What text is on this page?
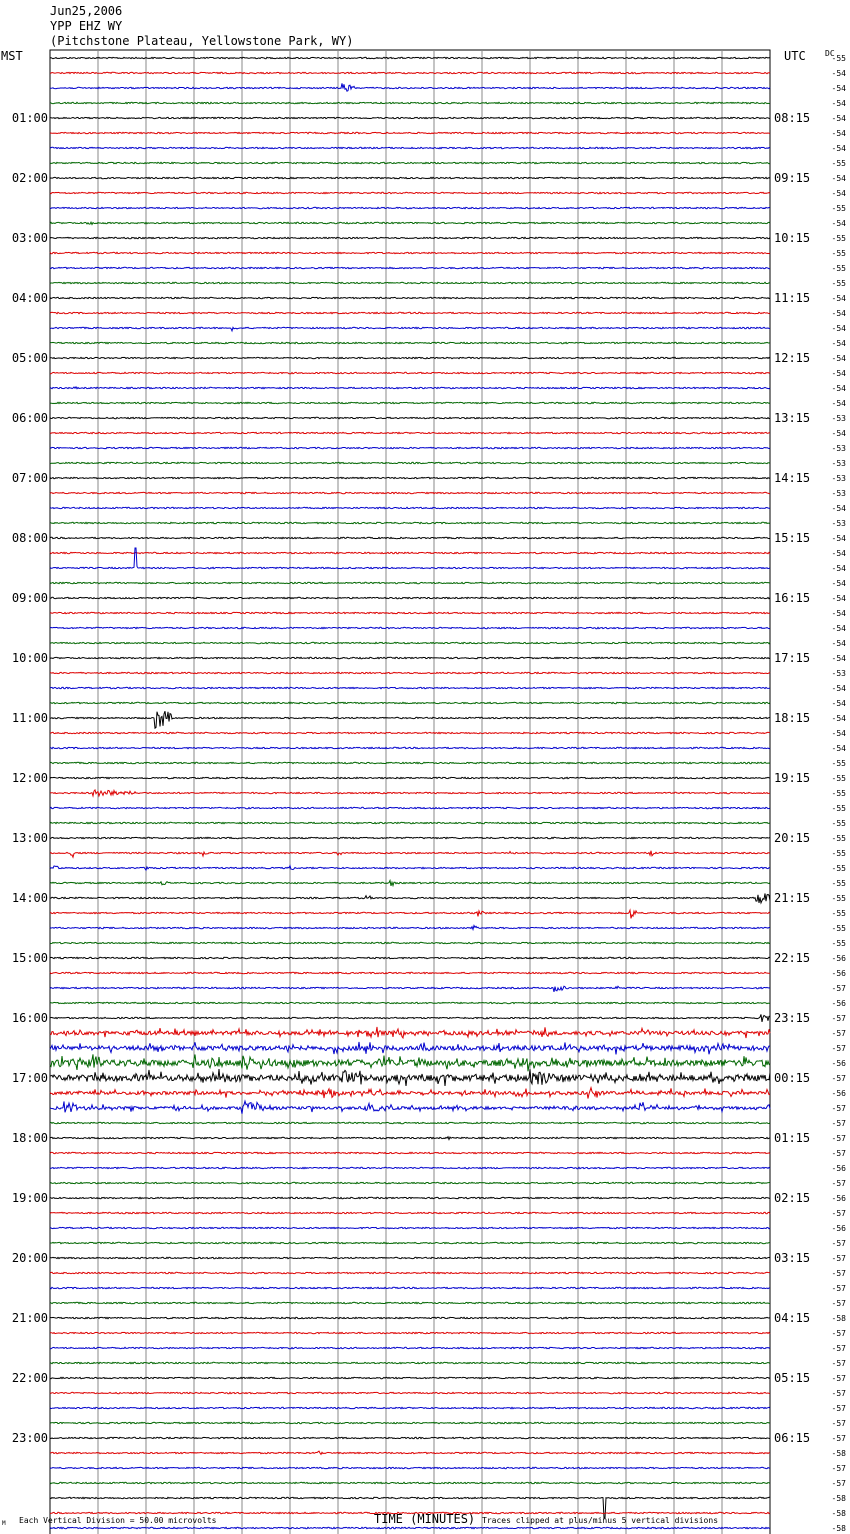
Jun25,2006
YPP EHZ WY
(Pitchstone Plateau, Yellowstone Park, WY)
01:00
02:00
03:00
04:00
05:00
06:00
07:00
08:00
09:00
10:00
11:00
12:00
13:00
14:00
15:00
16:00
17:00
18:00
19:00
20:00
21:00
22:00
23:00
08:15
09:15
10:15
11:15
12:15
13:15
14:15
15:15
16:15
17:15
18:15
19:15
20:15
21:15
22:15
23:15
00:15
01:15
02:15
03:15
04:15
05:15
06:15
-55
-54
-54
-54
-54
-54
-54
-55
-54
-54
-55
-54
-55
-55
-55
-55
-54
-54
-54
-54
-54
-54
-54
-54
-53
-54
-53
-53
-53
-53
-54
-53
-54
-54
-54
-54
-54
-54
-54
-54
-54
-53
-54
-54
-54
-54
-54
-55
-55
-55
-55
-55
-55
-55
-55
-55
-55
-55
-55
-55
-56
-56
-57
-56
-57
-57
-57
-56
-57
-56
-57
-57
-57
-57
-56
-57
-56
-57
-56
-57
-57
-57
-57
-57
-58
-57
-57
-57
-57
-57
-57
-57
-57
-58
-57
-57
-58
-58
-58
MST	UTC DC
TIME (MINUTES)
Each Vertical Division = 50.00 microvolts	Traces clipped at plus/minus 5 vertical divisions
M
